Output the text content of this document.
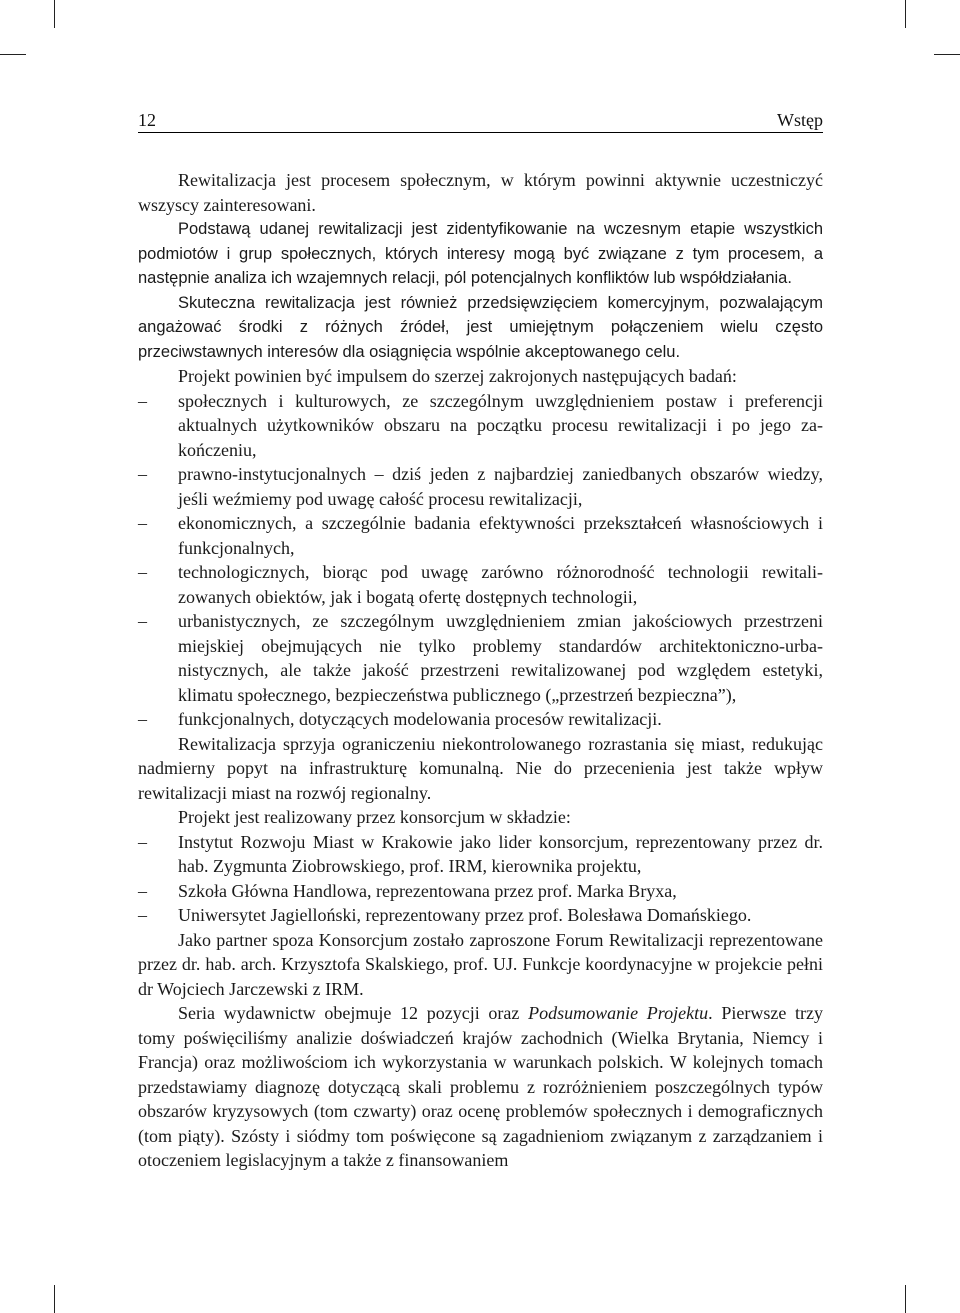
12	Wstęp

Rewitalizacja jest procesem społecznym, w którym powinni aktywnie uczestniczyć wszyscy zainteresowani.

Podstawą udanej rewitalizacji jest zidentyfikowanie na wczesnym etapie wszystkich podmiotów i grup społecznych, których interesy mogą być związane z tym procesem, a następnie analiza ich wzajemnych relacji, pól potencjalnych konfliktów lub współdziałania.

Skuteczna rewitalizacja jest również przedsięwzięciem komercyjnym, pozwalającym angażować środki z różnych źródeł, jest umiejętnym połączeniem wielu często przeciwstawnych interesów dla osiągnięcia wspólnie akceptowanego celu.

Projekt powinien być impulsem do szerzej zakrojonych następujących badań:

–	społecznych i kulturowych, ze szczególnym uwzględnieniem postaw i preferencji aktualnych użytkowników obszaru na początku procesu rewitalizacji i po jego zakończeniu,
–	prawno-instytucjonalnych – dziś jeden z najbardziej zaniedbanych obszarów wiedzy, jeśli weźmiemy pod uwagę całość procesu rewitalizacji,
–	ekonomicznych, a szczególnie badania efektywności przekształceń własnościowych i funkcjonalnych,
–	technologicznych, biorąc pod uwagę zarówno różnorodność technologii rewitalizowanych obiektów, jak i bogatą ofertę dostępnych technologii,
–	urbanistycznych, ze szczególnym uwzględnieniem zmian jakościowych przestrzeni miejskiej obejmujących nie tylko problemy standardów architektoniczno-urbanistycznych, ale także jakość przestrzeni rewitalizowanej pod względem estetyki, klimatu społecznego, bezpieczeństwa publicznego („przestrzeń bezpieczna”),
–	funkcjonalnych, dotyczących modelowania procesów rewitalizacji.

Rewitalizacja sprzyja ograniczeniu niekontrolowanego rozrastania się miast, redukując nadmierny popyt na infrastrukturę komunalną. Nie do przecenienia jest także wpływ rewitalizacji miast na rozwój regionalny.

Projekt jest realizowany przez konsorcjum w składzie:

–	Instytut Rozwoju Miast w Krakowie jako lider konsorcjum, reprezentowany przez dr. hab. Zygmunta Ziobrowskiego, prof. IRM, kierownika projektu,
–	Szkoła Główna Handlowa, reprezentowana przez prof. Marka Bryxa,
–	Uniwersytet Jagielloński, reprezentowany przez prof. Bolesława Domańskiego.

Jako partner spoza Konsorcjum zostało zaproszone Forum Rewitalizacji reprezentowane przez dr. hab. arch. Krzysztofa Skalskiego, prof. UJ. Funkcje koordynacyjne w projekcie pełni dr Wojciech Jarczewski z IRM.

Seria wydawnictw obejmuje 12 pozycji oraz Podsumowanie Projektu. Pierwsze trzy tomy poświęciliśmy analizie doświadczeń krajów zachodnich (Wielka Brytania, Niemcy i Francja) oraz możliwościom ich wykorzystania w warunkach polskich. W kolejnych tomach przedstawiamy diagnozę dotyczącą skali problemu z rozróżnieniem poszczególnych typów obszarów kryzysowych (tom czwarty) oraz ocenę problemów społecznych i demograficznych (tom piąty). Szósty i siódmy tom poświęcone są zagadnieniom związanym z zarządzaniem i otoczeniem legislacyjnym a także z finansowaniem
